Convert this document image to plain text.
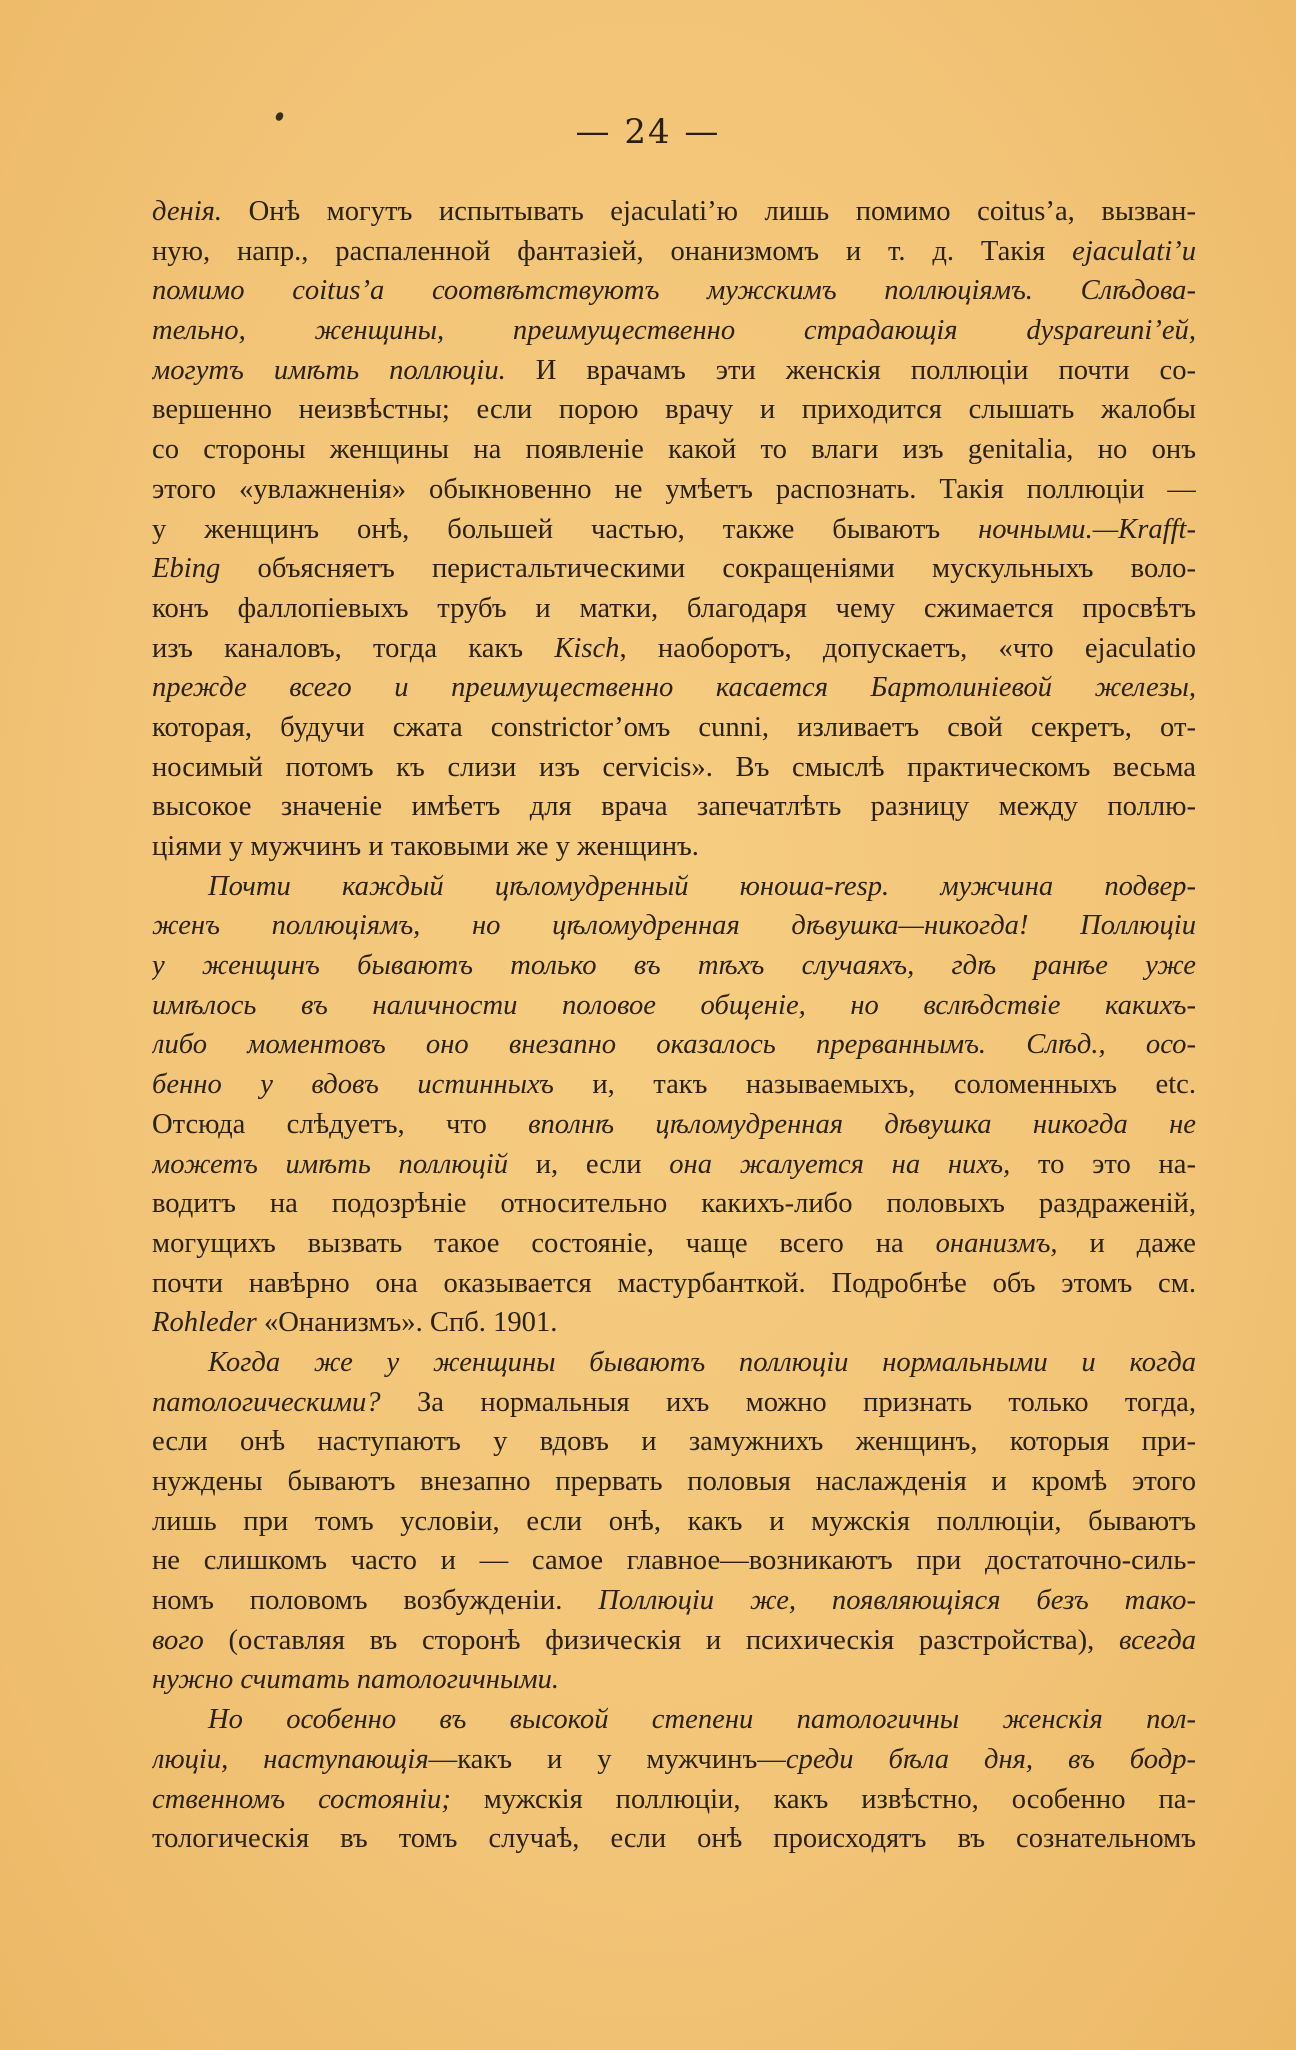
— 24 —
денія. Онѣ могутъ испытывать ejaculati’ю лишь помимо coitus’a, вызван-
ную, напр., распаленной фантазіей, онанизмомъ и т. д. Такія ejaculati’и
помимо coitus’a соотвѣтствуютъ мужскимъ поллюціямъ. Слѣдова-
тельно, женщины, преимущественно страдающія dyspareuni’ей,
могутъ имѣть поллюціи. И врачамъ эти женскія поллюціи почти со-
вершенно неизвѣстны; если порою врачу и приходится слышать жалобы
со стороны женщины на появленіе какой то влаги изъ genitalia, но онъ
этого «увлажненія» обыкновенно не умѣетъ распознать. Такія поллюціи —
у женщинъ онѣ, большей частью, также бываютъ ночными.—Krafft-
Ebing объясняетъ перистальтическими сокращеніями мускульныхъ воло-
конъ фаллопіевыхъ трубъ и матки, благодаря чему сжимается просвѣтъ
изъ каналовъ, тогда какъ Kisch, наоборотъ, допускаетъ, «что ejaculatio
прежде всего и преимущественно касается Бартолиніевой железы,
которая, будучи сжата constrictor’омъ cunni, изливаетъ свой секретъ, от-
носимый потомъ къ слизи изъ cervicis». Въ смыслѣ практическомъ весьма
высокое значеніе имѣетъ для врача запечатлѣть разницу между поллю-
ціями у мужчинъ и таковыми же у женщинъ.
Почти каждый цѣломудренный юноша-resp. мужчина подвер-
женъ поллюціямъ, но цѣломудренная дѣвушка—никогда! Поллюціи
у женщинъ бываютъ только въ тѣхъ случаяхъ, гдѣ ранѣе уже
имѣлось въ наличности половое общеніе, но вслѣдствіе какихъ-
либо моментовъ оно внезапно оказалось прерваннымъ. Слѣд., осо-
бенно у вдовъ истинныхъ и, такъ называемыхъ, соломенныхъ etc.
Отсюда слѣдуетъ, что вполнѣ цѣломудренная дѣвушка никогда не
можетъ имѣть поллюцій и, если она жалуется на нихъ, то это на-
водитъ на подозрѣніе относительно какихъ-либо половыхъ раздраженій,
могущихъ вызвать такое состояніе, чаще всего на онанизмъ, и даже
почти навѣрно она оказывается мастурбанткой. Подробнѣе объ этомъ см.
Rohleder «Онанизмъ». Спб. 1901.
Когда же у женщины бываютъ поллюціи нормальными и когда
патологическими? За нормальныя ихъ можно признать только тогда,
если онѣ наступаютъ у вдовъ и замужнихъ женщинъ, которыя при-
нуждены бываютъ внезапно прервать половыя наслажденія и кромѣ этого
лишь при томъ условіи, если онѣ, какъ и мужскія поллюціи, бываютъ
не слишкомъ часто и — самое главное—возникаютъ при достаточно-силь-
номъ половомъ возбужденіи. Поллюціи же, появляющіяся безъ тако-
вого (оставляя въ сторонѣ физическія и психическія разстройства), всегда
нужно считать патологичными.
Но особенно въ высокой степени патологичны женскія пол-
люціи, наступающія—какъ и у мужчинъ—среди бѣла дня, въ бодр-
ственномъ состояніи; мужскія поллюціи, какъ извѣстно, особенно па-
тологическія въ томъ случаѣ, если онѣ происходятъ въ сознательномъ
